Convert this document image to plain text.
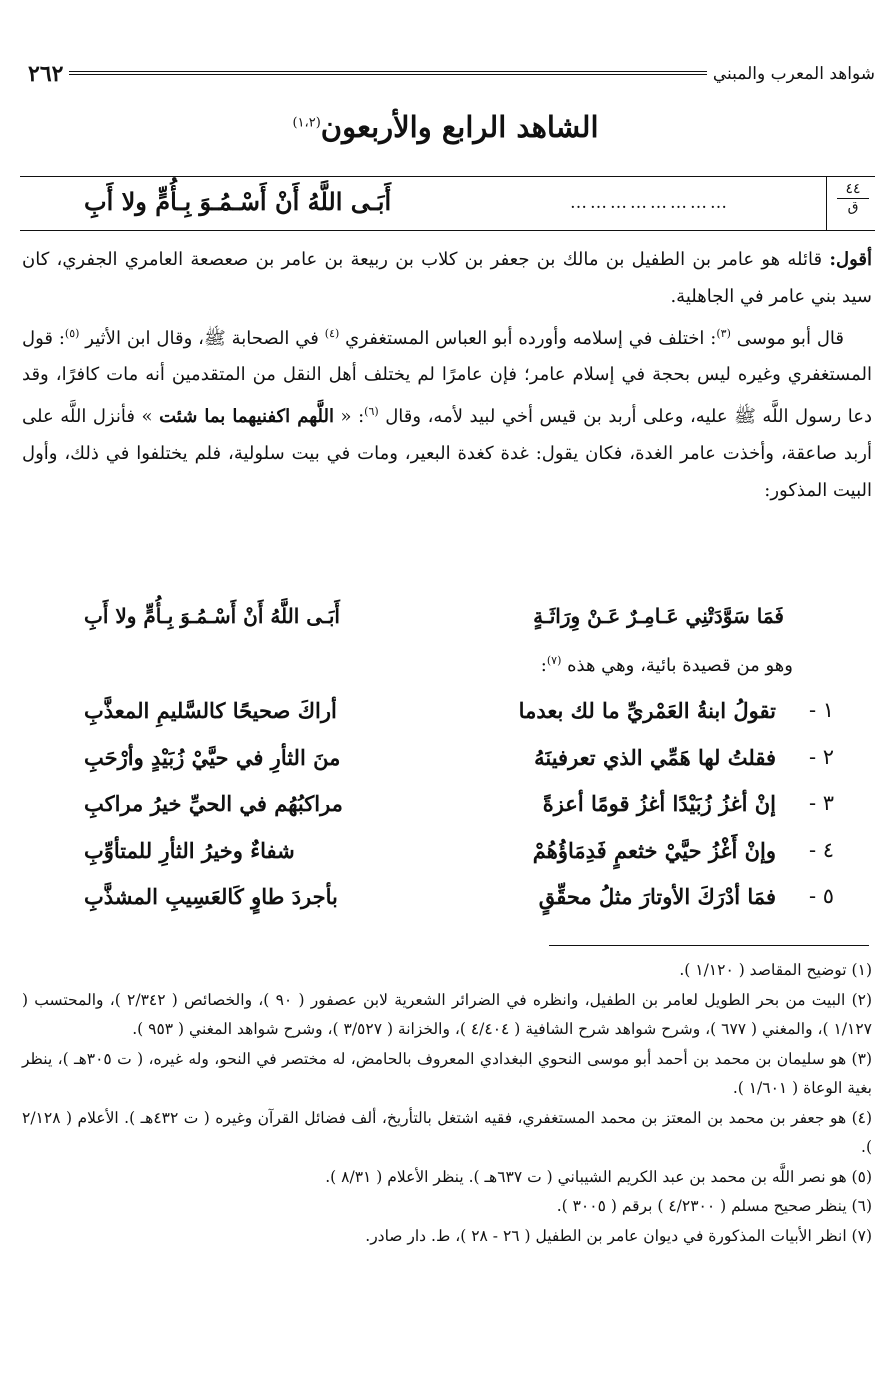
شواهد المعرب والمبني
٢٦٢
الشاهد الرابع والأربعون$^{(١،٢)}$
٤٤
ق
……………………
أَبَـى اللَّهُ أَنْ أَسْـمُـوَ بِـأُمٍّ ولا أَبِ

أقول: قائله هو عامر بن الطفيل بن مالك بن جعفر بن كلاب بن ربيعة بن عامر بن صعصعة العامري الجفري، كان سيد بني عامر في الجاهلية.

قال أبو موسى $^{(٣)}$: اختلف في إسلامه وأورده أبو العباس المستغفري $^{(٤)}$ في الصحابة ﷺ، وقال ابن الأثير $^{(٥)}$: قول المستغفري وغيره ليس بحجة في إسلام عامر؛ فإن عامرًا لم يختلف أهل النقل من المتقدمين أنه مات كافرًا، وقد دعا رسول اللَّه ﷺ عليه، وعلى أربد بن قيس أخي لبيد لأمه، وقال $^{(٦)}$: « اللَّهم اكفنيهما بما شئت » فأنزل اللَّه على أربد صاعقة، وأخذت عامر الغدة، فكان يقول: غدة كغدة البعير، ومات في بيت سلولية، فلم يختلفوا في ذلك، وأول البيت المذكور:

فَمَا سَوَّدَتْنِي عَـامِـرٌ عَـنْ وِرَاثَـةٍ
أَبَـى اللَّهُ أَنْ أَسْـمُـوَ بِـأُمٍّ ولا أَبِ
وهو من قصيدة بائية، وهي هذه $^{(٧)}$:
١ -
تقولُ ابنةُ العَمْريِّ ما لك بعدما
أراكَ صحيحًا كالسَّليمِ المعذَّبِ
٢ -
فقلتُ لها هَمِّي الذي تعرفينَهُ
منَ الثأرِ في حيَّيْ زُبَيْدٍ وأرْحَبِ
٣ -
إنْ أغزُ زُبَيْدًا أغزُ قومًا أعزةً
مراكبُهُم في الحيِّ خيرُ مراكبِ
٤ -
وإنْ أَغْزُ حيَّيْ خثعمٍ فَدِمَاؤُهُمْ
شفاءٌ وخيرُ الثأرِ للمتأوِّبِ
٥ -
فمَا أدْرَكَ الأوتارَ مثلُ محقِّقٍ
بأجردَ طاوٍ كَالعَسِيبِ المشذَّبِ

(١) توضيح المقاصد ( ١/١٢٠ ).

(٢) البيت من بحر الطويل لعامر بن الطفيل، وانظره في الضرائر الشعرية لابن عصفور ( ٩٠ )، والخصائص ( ٢/٣٤٢ )، والمحتسب ( ١/١٢٧ )، والمغني ( ٦٧٧ )، وشرح شواهد شرح الشافية ( ٤/٤٠٤ )، والخزانة ( ٣/٥٢٧ )، وشرح شواهد المغني ( ٩٥٣ ).

(٣) هو سليمان بن محمد بن أحمد أبو موسى النحوي البغدادي المعروف بالحامض، له مختصر في النحو، وله غيره، ( ت ٣٠٥هـ )، ينظر بغية الوعاة ( ١/٦٠١ ).

(٤) هو جعفر بن محمد بن المعتز بن محمد المستغفري، فقيه اشتغل بالتأريخ، ألف فضائل القرآن وغيره ( ت ٤٣٢هـ ). الأعلام ( ٢/١٢٨ ).

(٥) هو نصر اللَّه بن محمد بن عبد الكريم الشيباني ( ت ٦٣٧هـ ). ينظر الأعلام ( ٨/٣١ ).

(٦) ينظر صحيح مسلم ( ٤/٢٣٠٠ ) برقم ( ٣٠٠٥ ).

(٧) انظر الأبيات المذكورة في ديوان عامر بن الطفيل ( ٢٦ - ٢٨ )، ط. دار صادر.
